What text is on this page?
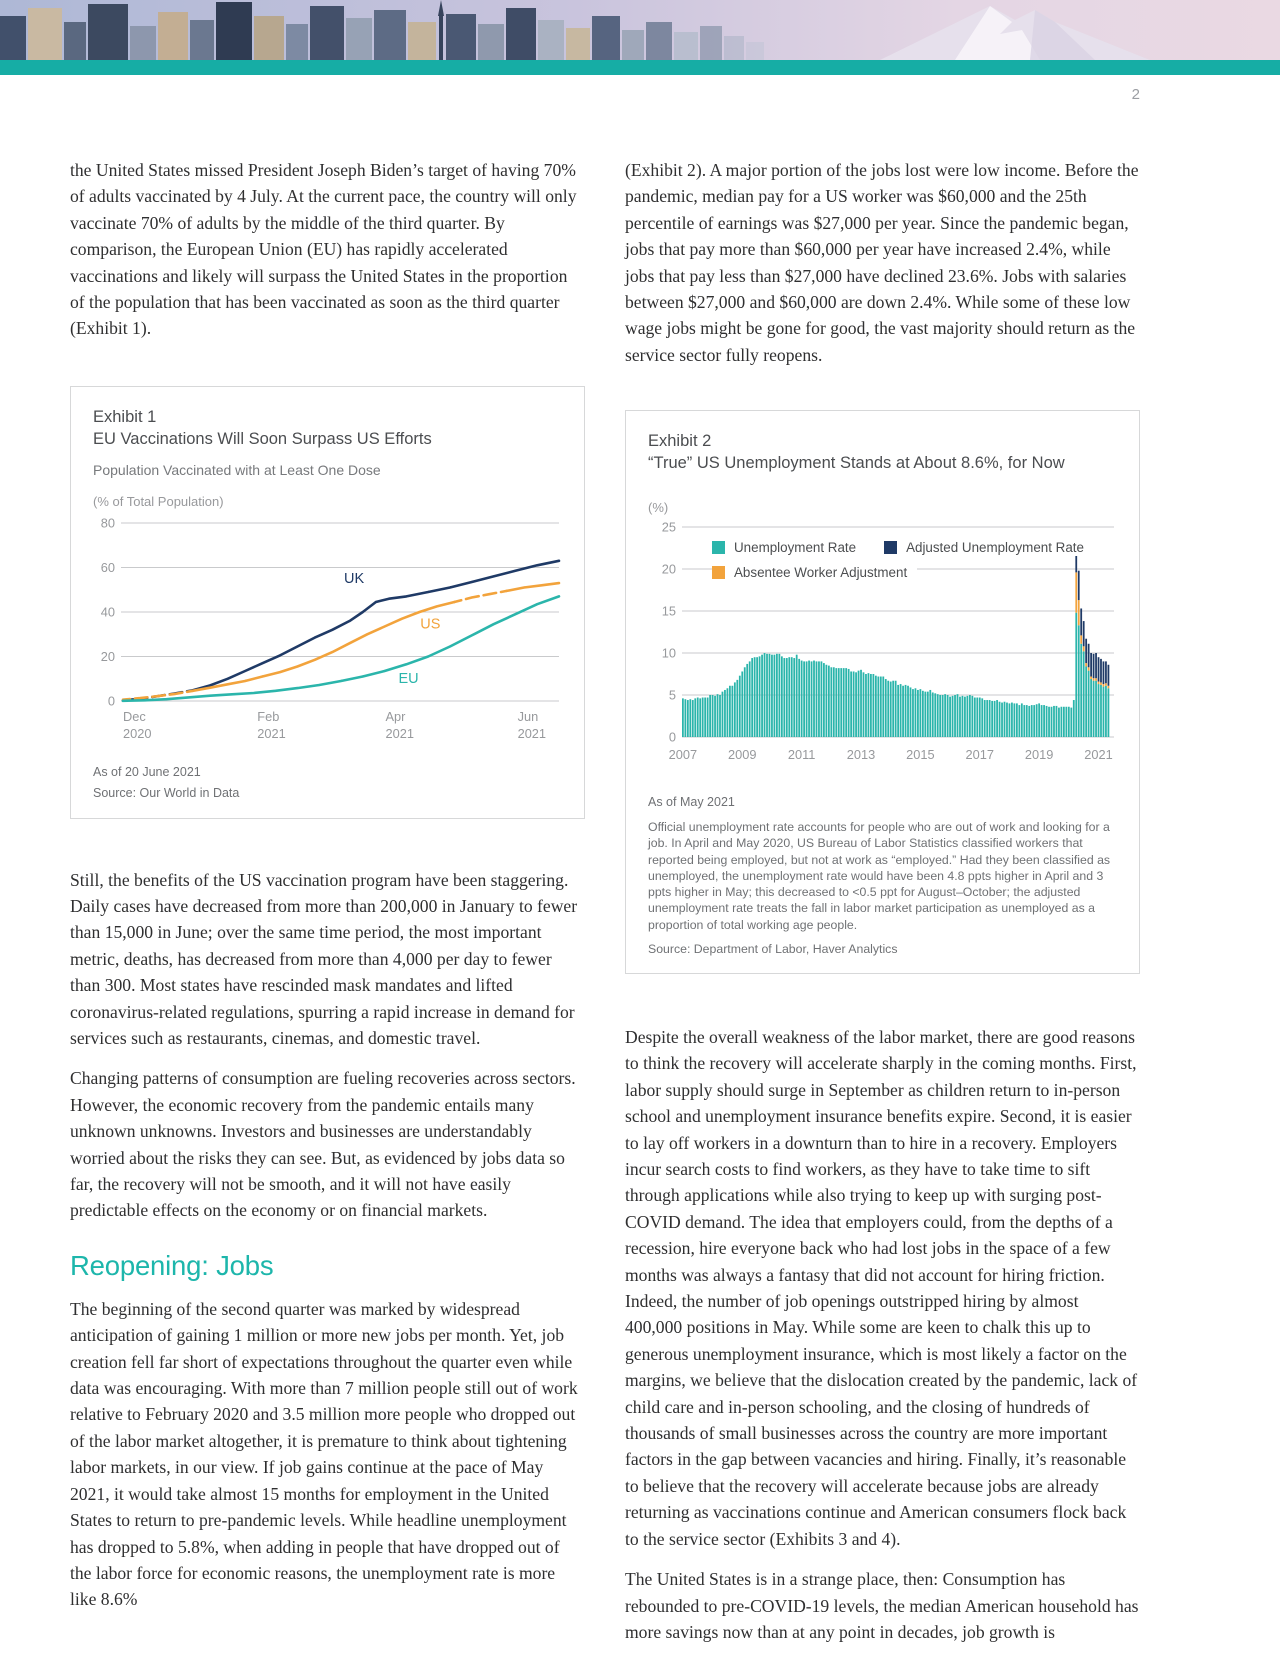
2

the United States missed President Joseph Biden’s target of having 70% of adults vaccinated by 4 July. At the current pace, the country will only vaccinate 70% of adults by the middle of the third quarter. By comparison, the European Union (EU) has rapidly accelerated vaccinations and likely will surpass the United States in the proportion of the population that has been vaccinated as soon as the third quarter (Exhibit 1).

Exhibit 1
EU Vaccinations Will Soon Surpass US Efforts
Population Vaccinated with at Least One Dose
(% of Total Population)
0
20
40
60
80
Dec
2020
Feb
2021
Apr
2021
Jun
2021
UK
US
EU
As of 20 June 2021
Source: Our World in Data

Still, the benefits of the US vaccination program have been staggering. Daily cases have decreased from more than 200,000 in January to fewer than 15,000 in June; over the same time period, the most important metric, deaths, has decreased from more than 4,000 per day to fewer than 300. Most states have rescinded mask mandates and lifted coronavirus-related regulations, spurring a rapid increase in demand for services such as restaurants, cinemas, and domestic travel.

Changing patterns of consumption are fueling recoveries across sectors. However, the economic recovery from the pandemic entails many unknown unknowns. Investors and businesses are understandably worried about the risks they can see. But, as evidenced by jobs data so far, the recovery will not be smooth, and it will not have easily predictable effects on the economy or on financial markets.

Reopening: Jobs

The beginning of the second quarter was marked by widespread anticipation of gaining 1 million or more new jobs per month. Yet, job creation fell far short of expectations throughout the quarter even while data was encouraging. With more than 7 million people still out of work relative to February 2020 and 3.5 million more people who dropped out of the labor market altogether, it is premature to think about tightening labor markets, in our view. If job gains continue at the pace of May 2021, it would take almost 15 months for employment in the United States to return to pre-pandemic levels. While headline unemployment has dropped to 5.8%, when adding in people that have dropped out of the labor force for economic reasons, the unemployment rate is more like 8.6%

(Exhibit 2). A major portion of the jobs lost were low income. Before the pandemic, median pay for a US worker was $60,000 and the 25th percentile of earnings was $27,000 per year. Since the pandemic began, jobs that pay more than $60,000 per year have increased 2.4%, while jobs that pay less than $27,000 have declined 23.6%. Jobs with salaries between $27,000 and $60,000 are down 2.4%. While some of these low wage jobs might be gone for good, the vast majority should return as the service sector fully reopens.

Exhibit 2
“True” US Unemployment Stands at About 8.6%, for Now
(%)
0
5
10
15
20
25
2007 2009 2011 2013 2015 2017 2019 2021
Unemployment Rate	Adjusted Unemployment Rate
Absentee Worker Adjustment
As of May 2021
Official unemployment rate accounts for people who are out of work and looking for a job. In April and May 2020, US Bureau of Labor Statistics classified workers that reported being employed, but not at work as “employed.” Had they been classified as unemployed, the unemployment rate would have been 4.8 ppts higher in April and 3 ppts higher in May; this decreased to <0.5 ppt for August–October; the adjusted unemployment rate treats the fall in labor market participation as unemployed as a proportion of total working age people.
Source: Department of Labor, Haver Analytics

Despite the overall weakness of the labor market, there are good reasons to think the recovery will accelerate sharply in the coming months. First, labor supply should surge in September as children return to in-person school and unemployment insurance benefits expire. Second, it is easier to lay off workers in a downturn than to hire in a recovery. Employers incur search costs to find workers, as they have to take time to sift through applications while also trying to keep up with surging post-COVID demand. The idea that employers could, from the depths of a recession, hire everyone back who had lost jobs in the space of a few months was always a fantasy that did not account for hiring friction. Indeed, the number of job openings outstripped hiring by almost 400,000 positions in May. While some are keen to chalk this up to generous unemployment insurance, which is most likely a factor on the margins, we believe that the dislocation created by the pandemic, lack of child care and in-person schooling, and the closing of hundreds of thousands of small businesses across the country are more important factors in the gap between vacancies and hiring. Finally, it’s reasonable to believe that the recovery will accelerate because jobs are already returning as vaccinations continue and American consumers flock back to the service sector (Exhibits 3 and 4).

The United States is in a strange place, then: Consumption has rebounded to pre-COVID-19 levels, the median American household has more savings now than at any point in decades, job growth is
